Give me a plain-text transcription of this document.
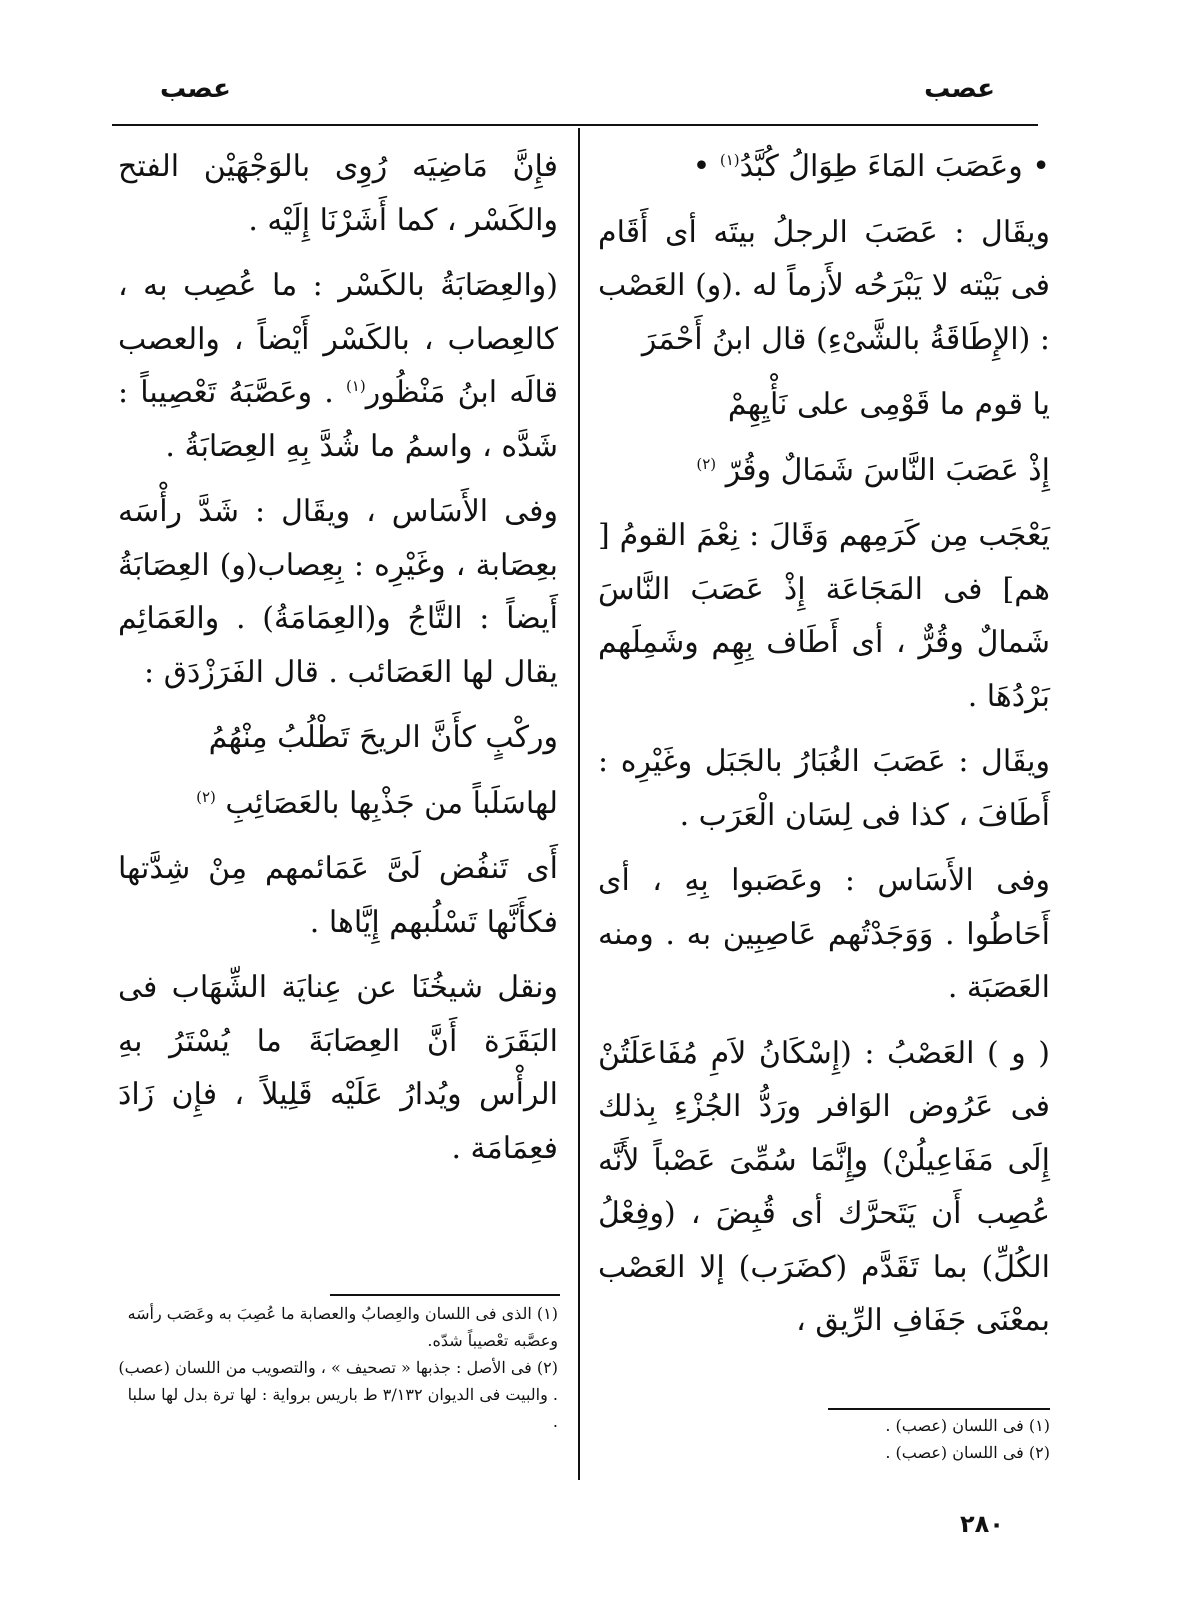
عصب
عصب

• وعَصَبَ المَاءَ طِوَالُ كُبَّدُ$^{(١)}$ •

ويقَال : عَصَبَ الرجلُ بيتَه أى أَقَام فى بَيْته لا يَبْرَحُه لأَزماً له .(و) العَصْب : (الإِطَاقَةُ بالشَّىْءِ) قال ابنُ أَحْمَرَ

يا قوم ما قَوْمِى على نَأْيِهِمْ

إِذْ عَصَبَ النَّاسَ شَمَالٌ وقُرّ $^{(٢)}$

يَعْجَب مِن كَرَمِهم وَقَالَ : نِعْمَ القومُ [ هم] فى المَجَاعَة إِذْ عَصَبَ النَّاسَ شَمالٌ وقُرٌّ ، أى أَطَاف بِهِم وشَمِلَهم بَرْدُهَا .

ويقَال : عَصَبَ الغُبَارُ بالجَبَل وغَيْرِه : أَطَافَ ، كذا فى لِسَان الْعَرَب .

وفى الأَسَاس : وعَصَبوا بِهِ ، أى أَحَاطُوا . وَوَجَدْتُهم عَاصِبِين به . ومنه العَصَبَة .

( و ) العَصْبُ : (إِسْكَانُ لاَمِ مُفَاعَلَتُنْ فى عَرُوض الوَافر ورَدُّ الجُزْءِ بِذلك إِلَى مَفَاعِيلُنْ) وإِنَّمَا سُمِّىَ عَصْباً لأَنَّه عُصِب أَن يَتَحرَّك أى قُبِضَ ، (وفِعْلُ الكُلِّ) بما تَقَدَّم (كضَرَب) إلا العَصْب بمعْنَى جَفَافِ الرِّيق ،

فإِنَّ مَاضِيَه رُوِى بالوَجْهَيْن الفتح والكَسْر ، كما أَشَرْنَا إِلَيْه .

(والعِصَابَةُ بالكَسْر : ما عُصِب به ، كالعِصاب ، بالكَسْر أَيْضاً ، والعصب قالَه ابنُ مَنْظُور$^{(١)}$ . وعَصَّبَهُ تَعْصِيباً : شَدَّه ، واسمُ ما شُدَّ بِهِ العِصَابَةُ .

وفى الأَسَاس ، ويقَال : شَدَّ رأْسَه بعِصَابة ، وغَيْرِه : بِعِصاب(و) العِصَابَةُ أَيضاً : التَّاجُ و(العِمَامَةُ) . والعَمَائِم يقال لها العَصَائب . قال الفَرَزْدَق :

وركْبٍ كأَنَّ الريحَ تَطْلُبُ مِنْهُمُ

لهاسَلَباً من جَذْبِها بالعَصَائِبِ $^{(٢)}$

أَى تَنفُض لَىَّ عَمَائمهم مِنْ شِدَّتها فكأَنَّها تَسْلُبهم إِيَّاها .

ونقل شيخُنَا عن عِنايَة الشِّهَاب فى البَقَرَة أَنَّ العِصَابَةَ ما يُسْتَرُ بهِ الرأْس ويُدارُ عَلَيْه قَلِيلاً ، فإِن زَادَ فعِمَامَة .

(١) الذى فى اللسان والعِصابُ والعصابة ما عُصِبَ به وعَصَب رأسَه وعصَّبه تعْصيباً شدّه.

(٢) فى الأصل : جذبها « تصحيف » ، والتصويب من اللسان (عصب) . والبيت فى الديوان ٣/١٣٢ ط باريس برواية : لها ترة بدل لها سلبا .	(١) فى اللسان (عصب) .

(٢) فى اللسان (عصب) .

٢٨٠
